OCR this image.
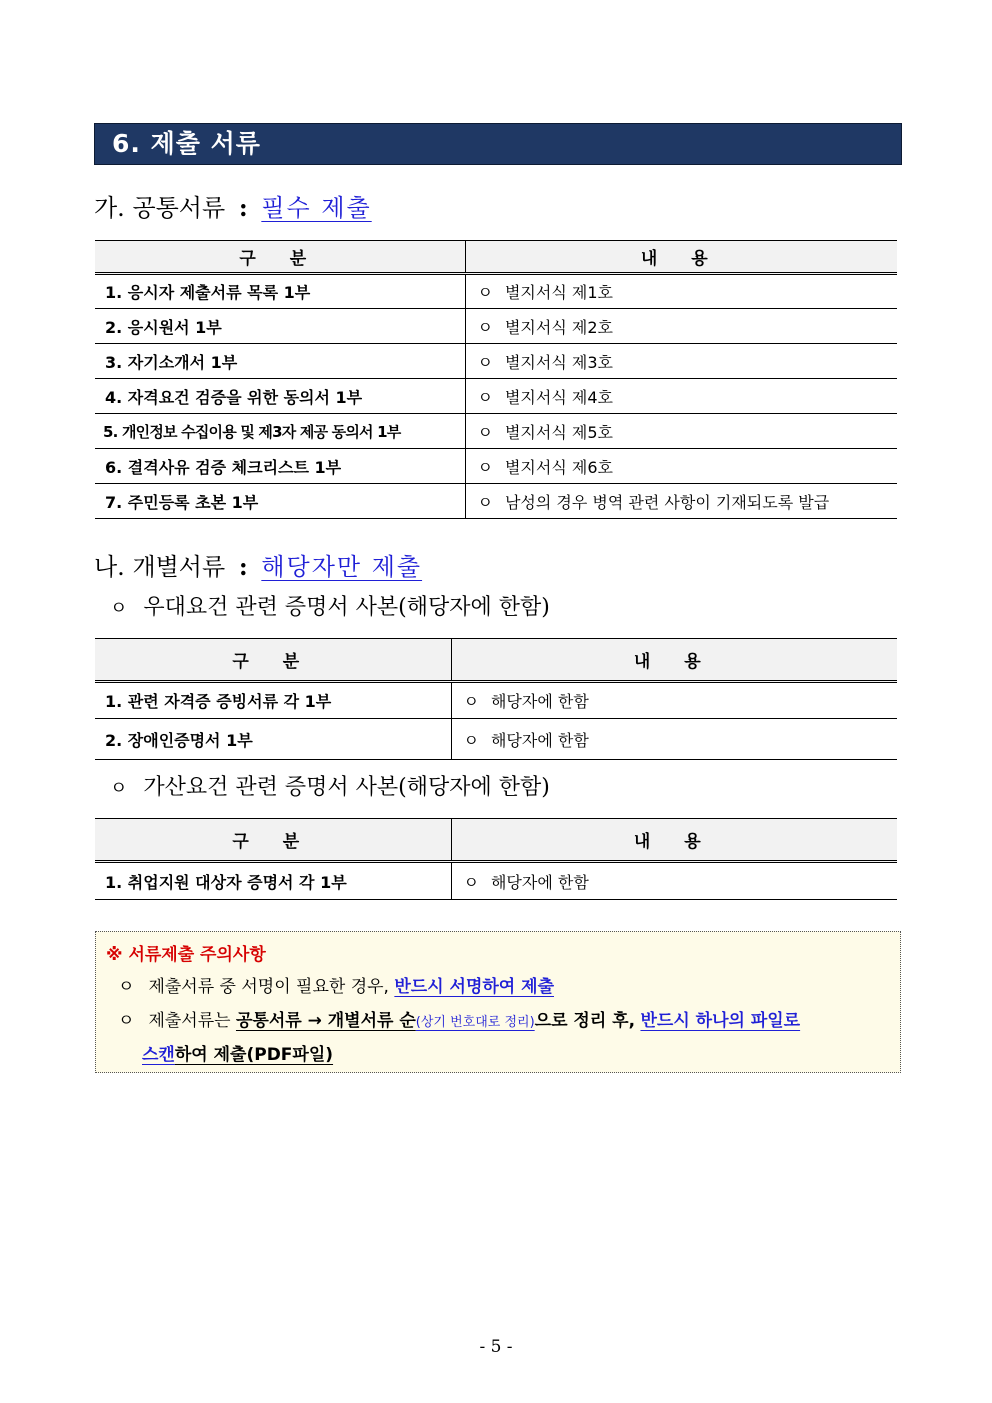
6. 제출 서류
가. 공통서류 : 필수 제출
구 분	내 용
1. 응시자 제출서류 목록 1부	ㅇ 별지서식 제1호
2. 응시원서 1부	ㅇ 별지서식 제2호
3. 자기소개서 1부	ㅇ 별지서식 제3호
4. 자격요건 검증을 위한 동의서 1부	ㅇ 별지서식 제4호
5. 개인정보 수집이용 및 제3자 제공 동의서 1부	ㅇ 별지서식 제5호
6. 결격사유 검증 체크리스트 1부	ㅇ 별지서식 제6호
7. 주민등록 초본 1부	ㅇ 남성의 경우 병역 관련 사항이 기재되도록 발급
나. 개별서류 : 해당자만 제출
ㅇ 우대요건 관련 증명서 사본(해당자에 한함)
구 분	내 용
1. 관련 자격증 증빙서류 각 1부	ㅇ 해당자에 한함
2. 장애인증명서 1부	ㅇ 해당자에 한함
ㅇ 가산요건 관련 증명서 사본(해당자에 한함)
구 분	내 용
1. 취업지원 대상자 증명서 각 1부	ㅇ 해당자에 한함
※ 서류제출 주의사항
ㅇ 제출서류 중 서명이 필요한 경우, 반드시 서명하여 제출
ㅇ 제출서류는 공통서류 → 개별서류 순(상기 번호대로 정리)으로 정리 후, 반드시 하나의 파일로
스캔하여 제출(PDF파일)
- 5 -
